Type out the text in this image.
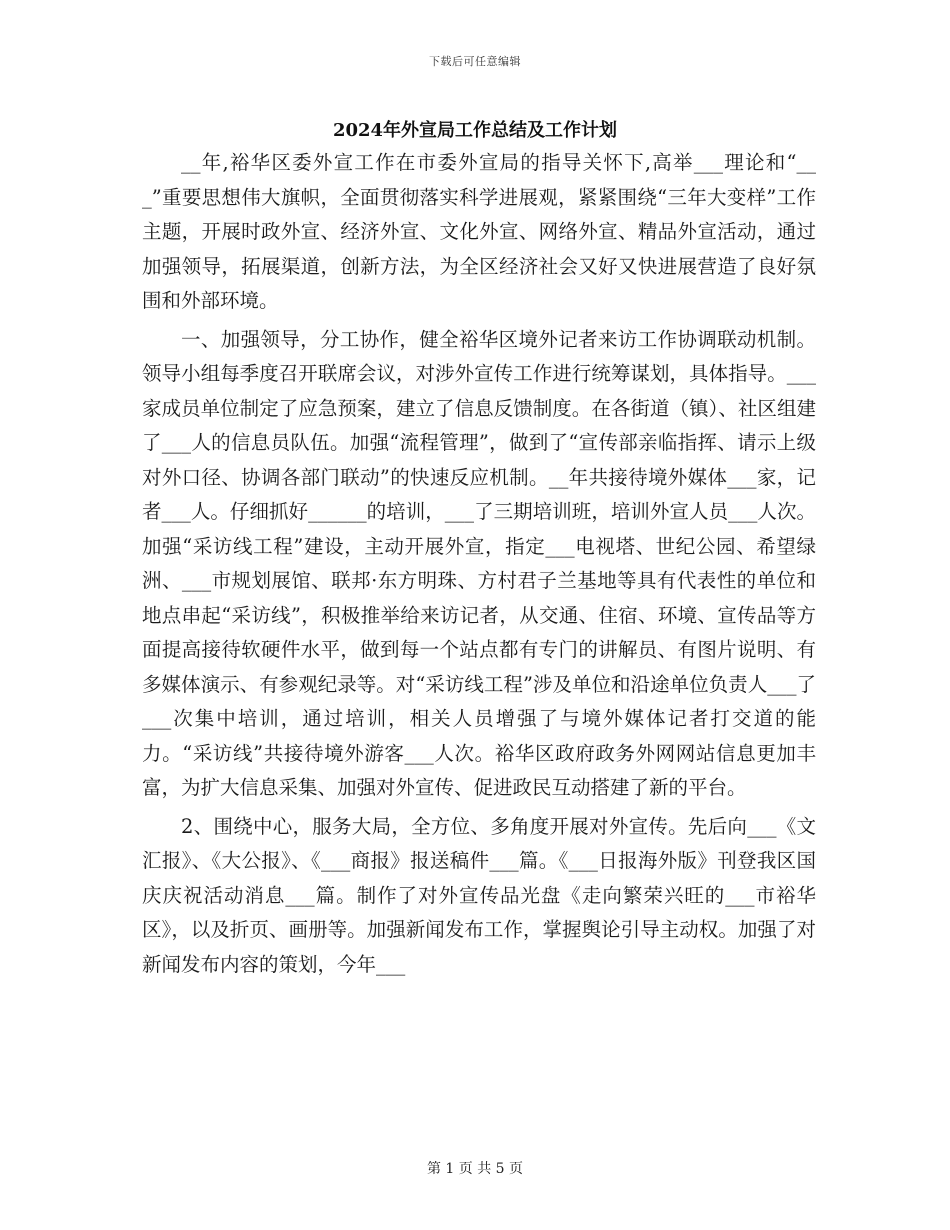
下载后可任意编辑
2024年外宣局工作总结及工作计划

__年,裕华区委外宣工作在市委外宣局的指导关怀下,高举___理论和“___”重要思想伟大旗帜，全面贯彻落实科学进展观，紧紧围绕“三年大变样”工作主题，开展时政外宣、经济外宣、文化外宣、网络外宣、精品外宣活动，通过加强领导，拓展渠道，创新方法，为全区经济社会又好又快进展营造了良好氛围和外部环境。

一、加强领导，分工协作，健全裕华区境外记者来访工作协调联动机制。领导小组每季度召开联席会议，对涉外宣传工作进行统筹谋划，具体指导。___家成员单位制定了应急预案，建立了信息反馈制度。在各街道（镇）、社区组建了___人的信息员队伍。加强“流程管理”，做到了“宣传部亲临指挥、请示上级对外口径、协调各部门联动”的快速反应机制。__年共接待境外媒体___家，记者___人。仔细抓好______的培训，___了三期培训班，培训外宣人员___人次。加强“采访线工程”建设，主动开展外宣，指定___电视塔、世纪公园、希望绿洲、___市规划展馆、联邦·东方明珠、方村君子兰基地等具有代表性的单位和地点串起“采访线”，积极推举给来访记者，从交通、住宿、环境、宣传品等方面提高接待软硬件水平，做到每一个站点都有专门的讲解员、有图片说明、有多媒体演示、有参观纪录等。对“采访线工程”涉及单位和沿途单位负责人___了___次集中培训，通过培训，相关人员增强了与境外媒体记者打交道的能力。“采访线”共接待境外游客___人次。裕华区政府政务外网网站信息更加丰富，为扩大信息采集、加强对外宣传、促进政民互动搭建了新的平台。

2、围绕中心，服务大局，全方位、多角度开展对外宣传。先后向___《文汇报》、《大公报》、《___商报》报送稿件___篇。《___日报海外版》刊登我区国庆庆祝活动消息___篇。制作了对外宣传品光盘《走向繁荣兴旺的___市裕华区》，以及折页、画册等。加强新闻发布工作，掌握舆论引导主动权。加强了对新闻发布内容的策划，今年___

第 1 页 共 5 页
